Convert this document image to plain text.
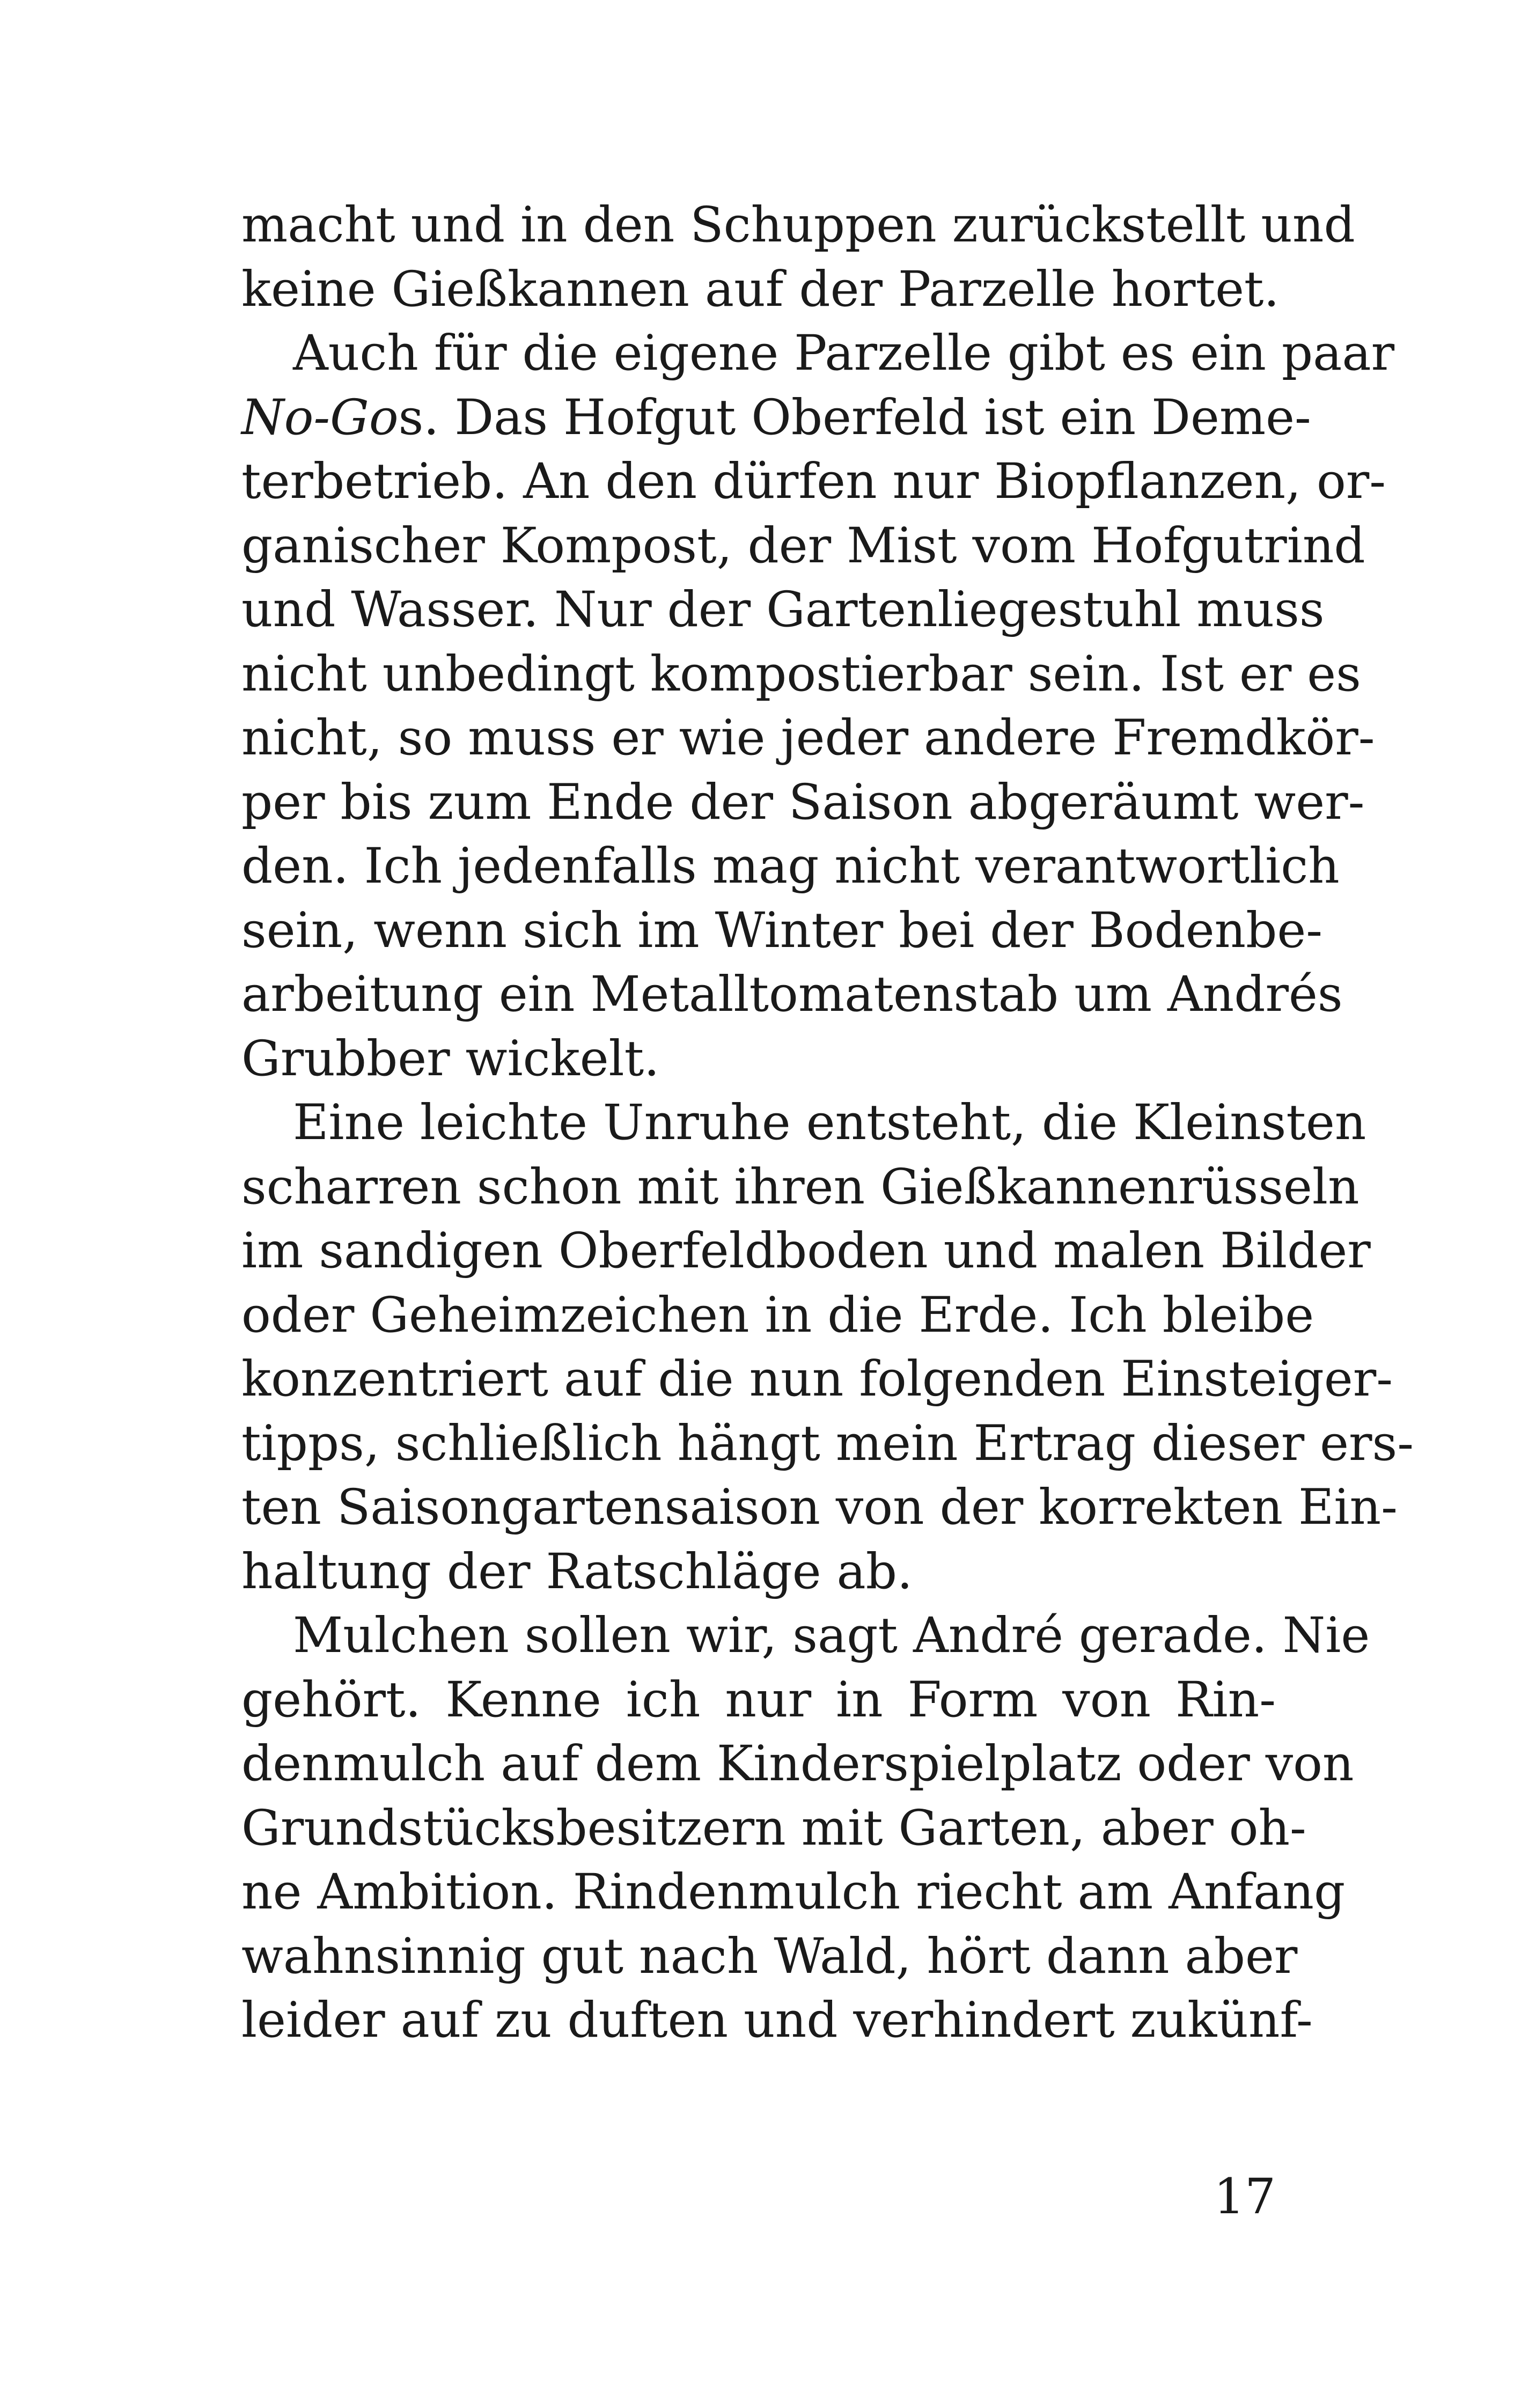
macht und in den Schuppen zurückstellt und
keine Gießkannen auf der Parzelle hortet.
Auch für die eigene Parzelle gibt es ein paar
No-Gos. Das Hofgut Oberfeld ist ein Deme-
terbetrieb. An den dürfen nur Biopflanzen, or-
ganischer Kompost, der Mist vom Hofgutrind
und Wasser. Nur der Gartenliegestuhl muss
nicht unbedingt kompostierbar sein. Ist er es
nicht, so muss er wie jeder andere Fremdkör-
per bis zum Ende der Saison abgeräumt wer-
den. Ich jedenfalls mag nicht verantwortlich
sein, wenn sich im Winter bei der Bodenbe-
arbeitung ein Metalltomatenstab um Andrés
Grubber wickelt.
Eine leichte Unruhe entsteht, die Kleinsten
scharren schon mit ihren Gießkannenrüsseln
im sandigen Oberfeldboden und malen Bilder
oder Geheimzeichen in die Erde. Ich bleibe
konzentriert auf die nun folgenden Einsteiger-
tipps, schließlich hängt mein Ertrag dieser ers-
ten Saisongartensaison von der korrekten Ein-
haltung der Ratschläge ab.
Mulchen sollen wir, sagt André gerade. Nie
gehört. Kenne ich nur in Form von Rin-
denmulch auf dem Kinderspielplatz oder von
Grundstücksbesitzern mit Garten, aber oh-
ne Ambition. Rindenmulch riecht am Anfang
wahnsinnig gut nach Wald, hört dann aber
leider auf zu duften und verhindert zukünf-
17
